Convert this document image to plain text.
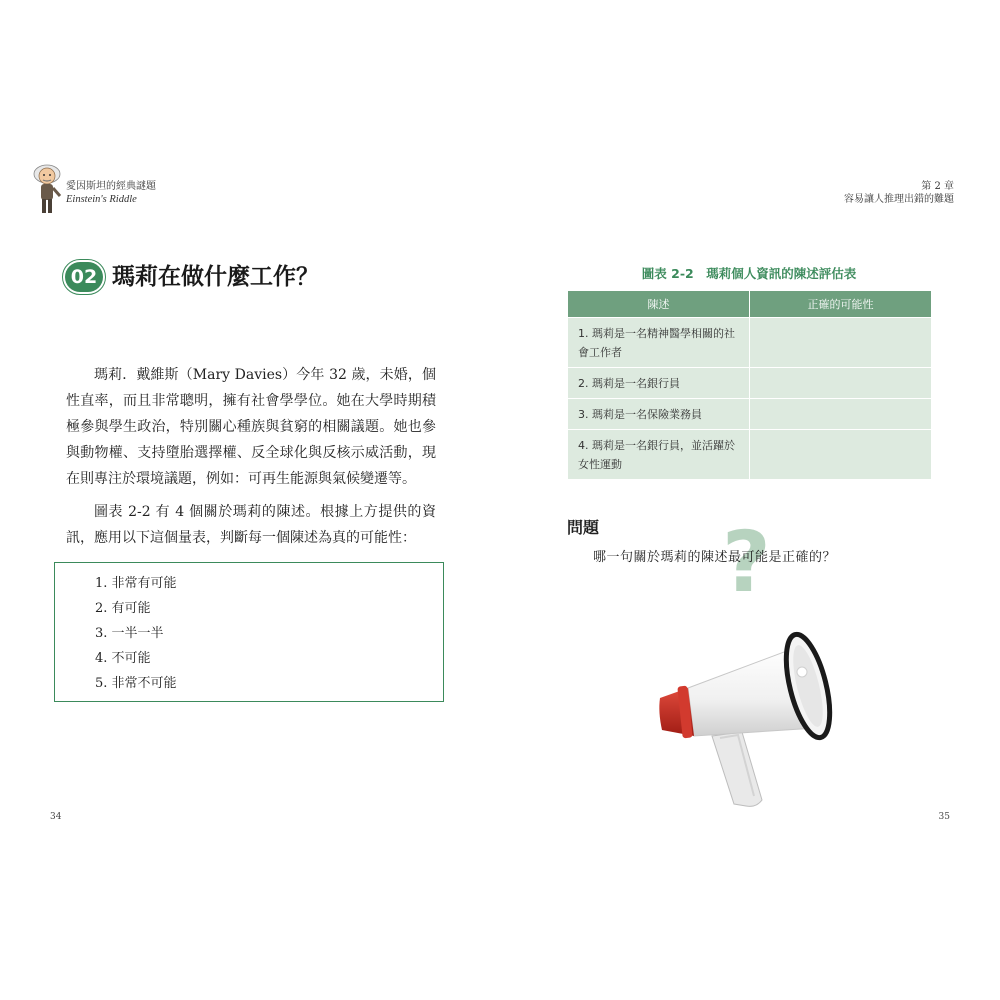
愛因斯坦的經典謎題
Einstein's Riddle
02 瑪莉在做什麼工作？

瑪莉．戴維斯（Mary Davies）今年 32 歲，未婚，個性直率，而且非常聰明，擁有社會學學位。她在大學時期積極參與學生政治，特別關心種族與貧窮的相關議題。她也參與動物權、支持墮胎選擇權、反全球化與反核示威活動，現在則專注於環境議題，例如：可再生能源與氣候變遷等。

圖表 2-2 有 4 個關於瑪莉的陳述。根據上方提供的資訊，應用以下這個量表，判斷每一個陳述為真的可能性：

1. 非常有可能
2. 有可能
3. 一半一半
4. 不可能
5. 非常不可能
34
第 2 章
容易讓人推理出錯的難題
圖表 2-2　瑪莉個人資訊的陳述評估表
陳述	正確的可能性
1. 瑪莉是一名精神醫學相關的社會工作者	
2. 瑪莉是一名銀行員	
3. 瑪莉是一名保險業務員	
4. 瑪莉是一名銀行員，並活躍於女性運動	
?
問題
哪一句關於瑪莉的陳述最可能是正確的？
35
